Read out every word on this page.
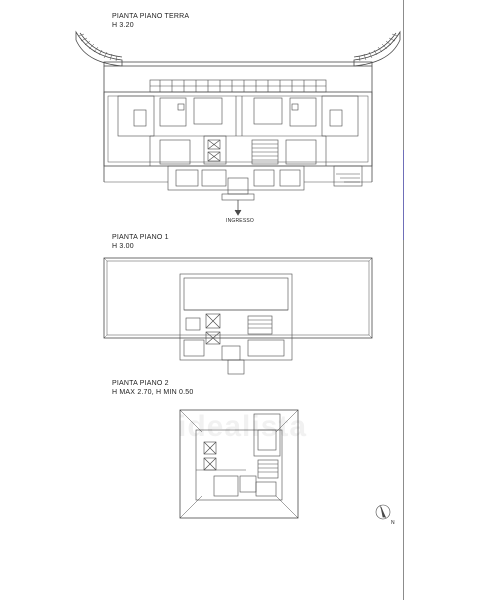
PIANTA PIANO TERRA
H 3.20
INGRESSO
PIANTA PIANO 1
H 3.00
PIANTA PIANO 2
H MAX 2.70, H MIN 0.50
N
idealista
